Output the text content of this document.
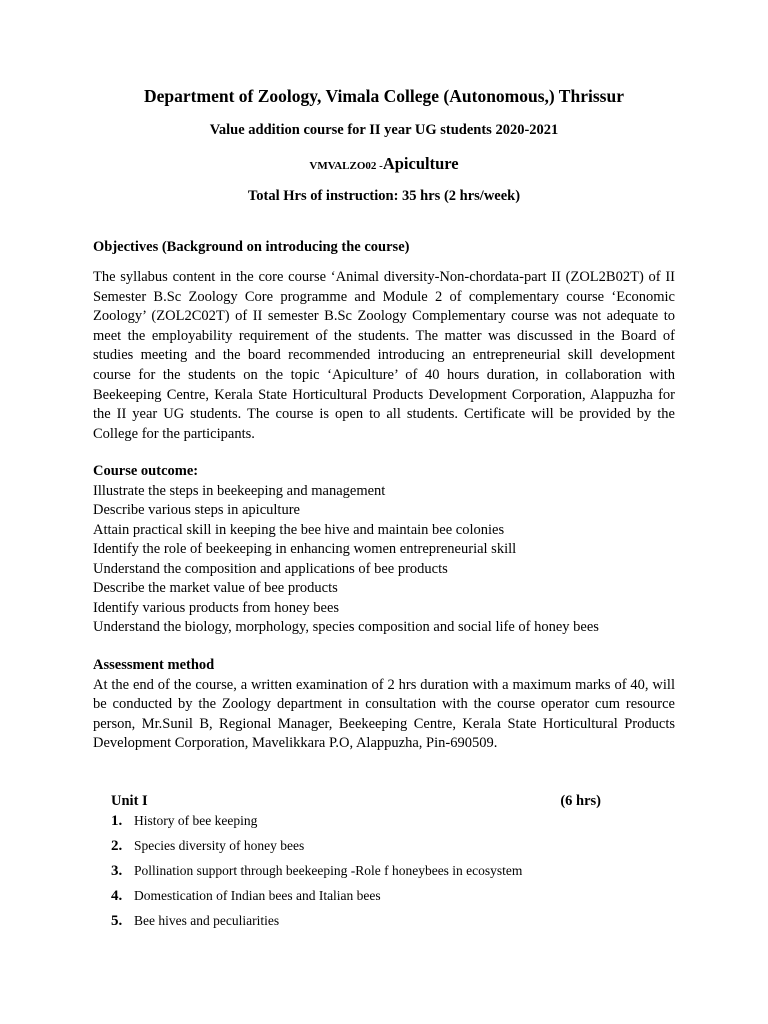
Department of Zoology, Vimala College (Autonomous,) Thrissur
Value addition course for II year UG students 2020-2021
VMVALZO02 -Apiculture
Total Hrs of instruction: 35 hrs (2 hrs/week)
Objectives (Background on introducing the course)
The syllabus content in the core course ‘Animal diversity-Non-chordata-part II (ZOL2B02T) of II Semester B.Sc Zoology Core programme and Module 2 of complementary course ‘Economic Zoology’ (ZOL2C02T) of II semester B.Sc Zoology Complementary course was not adequate to meet the employability requirement of the students. The matter was discussed in the Board of studies meeting and the board recommended introducing an entrepreneurial skill development course for the students on the topic ‘Apiculture’ of 40 hours duration, in collaboration with Beekeeping Centre, Kerala State Horticultural Products Development Corporation, Alappuzha for the II year UG students. The course is open to all students. Certificate will be provided by the College for the participants.
Course outcome:
Illustrate the steps in beekeeping and management
Describe various steps in apiculture
Attain practical skill in keeping the bee hive and maintain bee colonies
Identify the role of beekeeping in enhancing women entrepreneurial skill
Understand the composition and applications of bee products
Describe the market value of bee products
Identify various products from honey bees
Understand the biology, morphology, species composition and social life of honey bees
Assessment method
At the end of the course, a written examination of 2 hrs duration with a maximum marks of 40, will be conducted by the Zoology department in consultation with the course operator cum resource person, Mr.Sunil B, Regional Manager, Beekeeping Centre, Kerala State Horticultural Products Development Corporation, Mavelikkara P.O, Alappuzha, Pin-690509.
Unit I	(6 hrs)
1. History of bee keeping
2. Species diversity of honey bees
3. Pollination support through beekeeping -Role f honeybees in ecosystem
4. Domestication of Indian bees and Italian bees
5. Bee hives and peculiarities
